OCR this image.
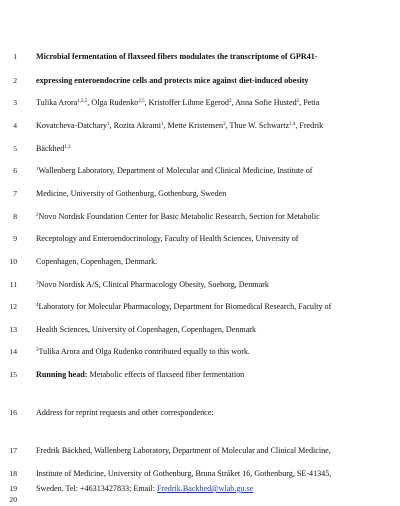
1 Microbial fermentation of flaxseed fibers modulates the transcriptome of GPR41-
2 expressing enteroendocrine cells and protects mice against diet-induced obesity
3 Tulika Arora$^{1,2,5}$, Olga Rudenko$^{2,5}$, Kristoffer Lihme Egerod$^2$, Anna Sofie Husted$^2$, Petia
4 Kovatcheva-Datchary$^1$, Rozita Akrami$^1$, Mette Kristensen$^3$, Thue W. Schwartz$^{2,4}$, Fredrik
5 Bäckhed$^{1,2}$
6	$^1$Wallenberg Laboratory, Department of Molecular and Clinical Medicine, Institute of
7 Medicine, University of Gothenburg, Gothenburg, Sweden
8	$^2$Novo Nordisk Foundation Center for Basic Metabolic Research, Section for Metabolic
9 Receptology and Enteroendocrinology, Faculty of Health Sciences, University of
10 Copenhagen, Copenhagen, Denmark.
11	$^3$Novo Nordisk A/S, Clinical Pharmacology Obesity, Soeborg, Denmark
12	$^4$Laboratory for Molecular Pharmacology, Department for Biomedical Research, Faculty of
13 Health Sciences, University of Copenhagen, Copenhagen, Denmark
14	$^5$Tulika Arora and Olga Rudenko contributed equally to this work.
15 Running head: Metabolic effects of flaxseed fiber fermentation
16 Address for reprint requests and other correspondence:
17 Fredrik Bäckhed, Wallenberg Laboratory, Department of Molecular and Clinical Medicine,
18 Institute of Medicine, University of Gothenburg, Bruna Stråket 16, Gothenburg, SE-41345,
19 Sweden. Tel: +46313427833; Email: Fredrik.Backhed@wlab.gu.se
20
